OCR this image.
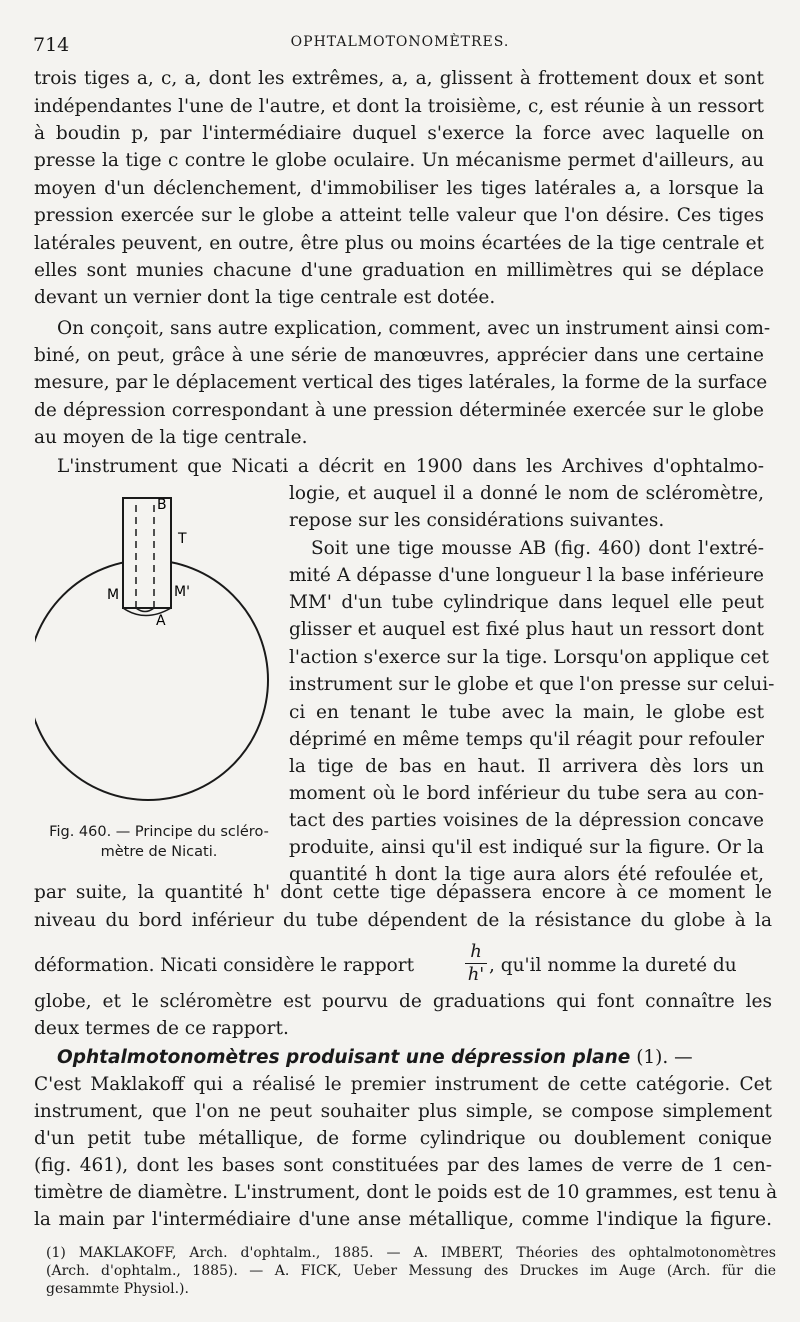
714	OPHTALMOTONOMÈTRES.
trois tiges a, c, a, dont les extrêmes, a, a, glissent à frottement doux et sont
indépendantes l'une de l'autre, et dont la troisième, c, est réunie à un ressort
à boudin p, par l'intermédiaire duquel s'exerce la force avec laquelle on
presse la tige c contre le globe oculaire. Un mécanisme permet d'ailleurs, au
moyen d'un déclenchement, d'immobiliser les tiges latérales a, a lorsque la
pression exercée sur le globe a atteint telle valeur que l'on désire. Ces tiges
latérales peuvent, en outre, être plus ou moins écartées de la tige centrale et
elles sont munies chacune d'une graduation en millimètres qui se déplace
devant un vernier dont la tige centrale est dotée.
On conçoit, sans autre explication, comment, avec un instrument ainsi com-
biné, on peut, grâce à une série de manœuvres, apprécier dans une certaine
mesure, par le déplacement vertical des tiges latérales, la forme de la surface
de dépression correspondant à une pression déterminée exercée sur le globe
au moyen de la tige centrale.
L'instrument que Nicati a décrit en 1900 dans les Archives d'ophtalmo-
logie, et auquel il a donné le nom de scléromètre,
repose sur les considérations suivantes.
Soit une tige mousse AB (fig. 460) dont l'extré-
mité A dépasse d'une longueur l la base inférieure
MM' d'un tube cylindrique dans lequel elle peut
glisser et auquel est fixé plus haut un ressort dont
l'action s'exerce sur la tige. Lorsqu'on applique cet
instrument sur le globe et que l'on presse sur celui-
ci en tenant le tube avec la main, le globe est
déprimé en même temps qu'il réagit pour refouler
la tige de bas en haut. Il arrivera dès lors un
moment où le bord inférieur du tube sera au con-
tact des parties voisines de la dépression concave
produite, ainsi qu'il est indiqué sur la figure. Or la
quantité h dont la tige aura alors été refoulée et,
B
T
M	M'
A
Fig. 460. — Principe du scléro-
mètre de Nicati.
par suite, la quantité h' dont cette tige dépassera encore à ce moment le
niveau du bord inférieur du tube dépendent de la résistance du globe à la
déformation. Nicati considère le rapport
h
h' , qu'il nomme la dureté du
globe, et le scléromètre est pourvu de graduations qui font connaître les
deux termes de ce rapport.
Ophtalmotonomètres produisant une dépression plane (1). —
C'est Maklakoff qui a réalisé le premier instrument de cette catégorie. Cet
instrument, que l'on ne peut souhaiter plus simple, se compose simplement
d'un petit tube métallique, de forme cylindrique ou doublement conique
(fig. 461), dont les bases sont constituées par des lames de verre de 1 cen-
timètre de diamètre. L'instrument, dont le poids est de 10 grammes, est tenu à
la main par l'intermédiaire d'une anse métallique, comme l'indique la figure.
(1) MAKLAKOFF, Arch. d'ophtalm., 1885. — A. IMBERT, Théories des ophtalmotonomètres
(Arch. d'ophtalm., 1885). — A. FICK, Ueber Messung des Druckes im Auge (Arch. für die
gesammte Physiol.).
